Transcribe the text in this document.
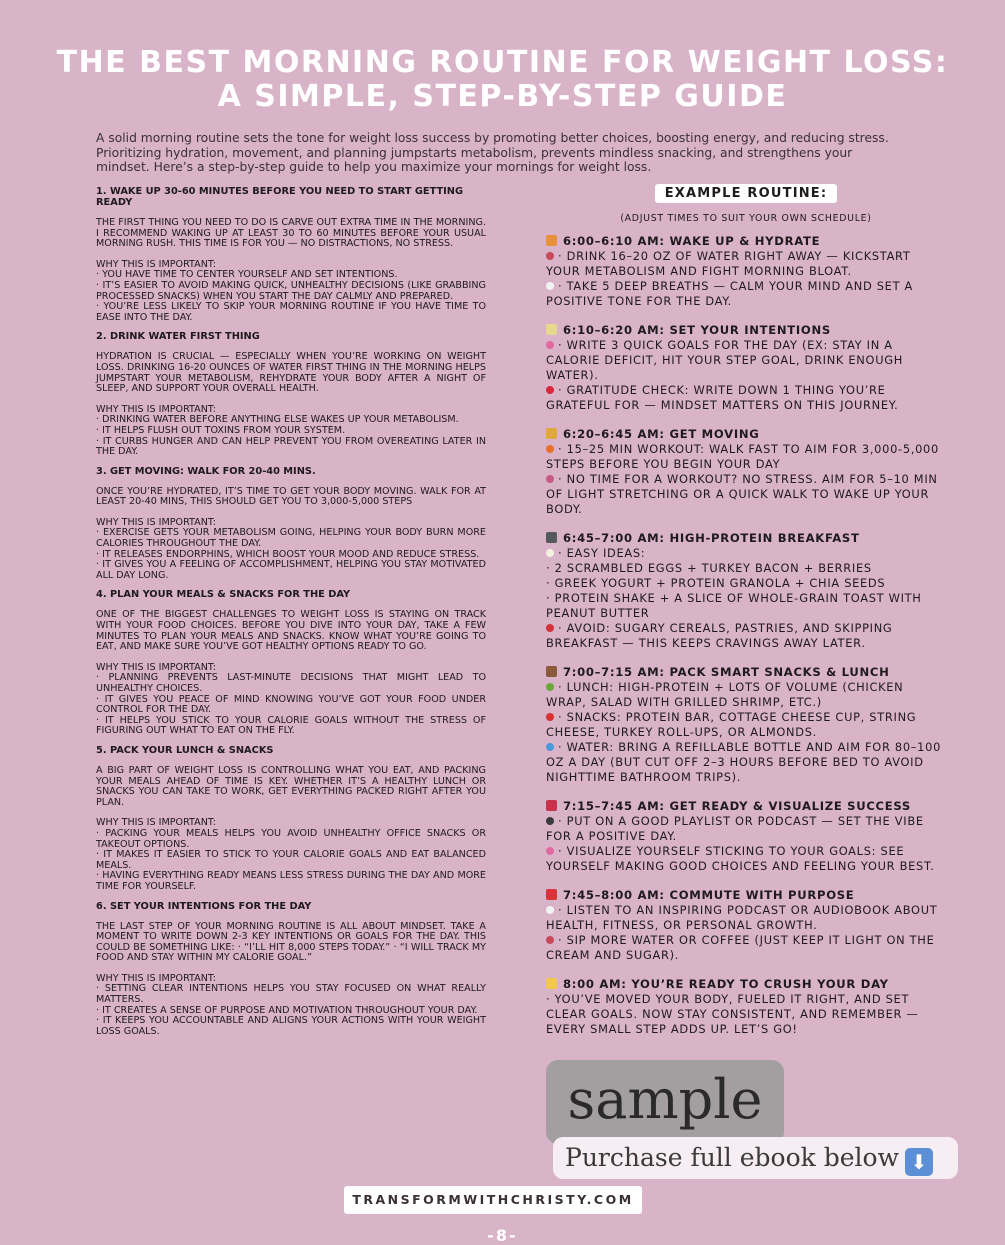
THE BEST MORNING ROUTINE FOR WEIGHT LOSS: A SIMPLE, STEP-BY-STEP GUIDE

A solid morning routine sets the tone for weight loss success by promoting better choices, boosting energy, and reducing stress. Prioritizing hydration, movement, and planning jumpstarts metabolism, prevents mindless snacking, and strengthens your mindset. Here’s a step-by-step guide to help you maximize your mornings for weight loss.

1. WAKE UP 30-60 MINUTES BEFORE YOU NEED TO START GETTING READY
THE FIRST THING YOU NEED TO DO IS CARVE OUT EXTRA TIME IN THE MORNING. I RECOMMEND WAKING UP AT LEAST 30 TO 60 MINUTES BEFORE YOUR USUAL MORNING RUSH. THIS TIME IS FOR YOU — NO DISTRACTIONS, NO STRESS.
WHY THIS IS IMPORTANT:
· YOU HAVE TIME TO CENTER YOURSELF AND SET INTENTIONS.
· IT’S EASIER TO AVOID MAKING QUICK, UNHEALTHY DECISIONS (LIKE GRABBING PROCESSED SNACKS) WHEN YOU START THE DAY CALMLY AND PREPARED.
· YOU’RE LESS LIKELY TO SKIP YOUR MORNING ROUTINE IF YOU HAVE TIME TO EASE INTO THE DAY.
2. DRINK WATER FIRST THING
HYDRATION IS CRUCIAL — ESPECIALLY WHEN YOU’RE WORKING ON WEIGHT LOSS. DRINKING 16-20 OUNCES OF WATER FIRST THING IN THE MORNING HELPS JUMPSTART YOUR METABOLISM, REHYDRATE YOUR BODY AFTER A NIGHT OF SLEEP, AND SUPPORT YOUR OVERALL HEALTH.
WHY THIS IS IMPORTANT:
· DRINKING WATER BEFORE ANYTHING ELSE WAKES UP YOUR METABOLISM.
· IT HELPS FLUSH OUT TOXINS FROM YOUR SYSTEM.
· IT CURBS HUNGER AND CAN HELP PREVENT YOU FROM OVEREATING LATER IN THE DAY.
3. GET MOVING: WALK FOR 20-40 MINS.
ONCE YOU’RE HYDRATED, IT’S TIME TO GET YOUR BODY MOVING. WALK FOR AT LEAST 20-40 MINS, THIS SHOULD GET YOU TO 3,000-5,000 STEPS
WHY THIS IS IMPORTANT:
· EXERCISE GETS YOUR METABOLISM GOING, HELPING YOUR BODY BURN MORE CALORIES THROUGHOUT THE DAY.
· IT RELEASES ENDORPHINS, WHICH BOOST YOUR MOOD AND REDUCE STRESS.
· IT GIVES YOU A FEELING OF ACCOMPLISHMENT, HELPING YOU STAY MOTIVATED ALL DAY LONG.
4. PLAN YOUR MEALS & SNACKS FOR THE DAY
ONE OF THE BIGGEST CHALLENGES TO WEIGHT LOSS IS STAYING ON TRACK WITH YOUR FOOD CHOICES. BEFORE YOU DIVE INTO YOUR DAY, TAKE A FEW MINUTES TO PLAN YOUR MEALS AND SNACKS. KNOW WHAT YOU’RE GOING TO EAT, AND MAKE SURE YOU’VE GOT HEALTHY OPTIONS READY TO GO.
WHY THIS IS IMPORTANT:
· PLANNING PREVENTS LAST-MINUTE DECISIONS THAT MIGHT LEAD TO UNHEALTHY CHOICES.
· IT GIVES YOU PEACE OF MIND KNOWING YOU’VE GOT YOUR FOOD UNDER CONTROL FOR THE DAY.
· IT HELPS YOU STICK TO YOUR CALORIE GOALS WITHOUT THE STRESS OF FIGURING OUT WHAT TO EAT ON THE FLY.
5. PACK YOUR LUNCH & SNACKS
A BIG PART OF WEIGHT LOSS IS CONTROLLING WHAT YOU EAT, AND PACKING YOUR MEALS AHEAD OF TIME IS KEY. WHETHER IT’S A HEALTHY LUNCH OR SNACKS YOU CAN TAKE TO WORK, GET EVERYTHING PACKED RIGHT AFTER YOU PLAN.
WHY THIS IS IMPORTANT:
· PACKING YOUR MEALS HELPS YOU AVOID UNHEALTHY OFFICE SNACKS OR TAKEOUT OPTIONS.
· IT MAKES IT EASIER TO STICK TO YOUR CALORIE GOALS AND EAT BALANCED MEALS.
· HAVING EVERYTHING READY MEANS LESS STRESS DURING THE DAY AND MORE TIME FOR YOURSELF.
6. SET YOUR INTENTIONS FOR THE DAY
THE LAST STEP OF YOUR MORNING ROUTINE IS ALL ABOUT MINDSET. TAKE A MOMENT TO WRITE DOWN 2-3 KEY INTENTIONS OR GOALS FOR THE DAY. THIS COULD BE SOMETHING LIKE: · “I’LL HIT 8,000 STEPS TODAY.” · “I WILL TRACK MY FOOD AND STAY WITHIN MY CALORIE GOAL.”
WHY THIS IS IMPORTANT:
· SETTING CLEAR INTENTIONS HELPS YOU STAY FOCUSED ON WHAT REALLY MATTERS.
· IT CREATES A SENSE OF PURPOSE AND MOTIVATION THROUGHOUT YOUR DAY.
· IT KEEPS YOU ACCOUNTABLE AND ALIGNS YOUR ACTIONS WITH YOUR WEIGHT LOSS GOALS.
EXAMPLE ROUTINE:
(ADJUST TIMES TO SUIT YOUR OWN SCHEDULE)
6:00–6:10 AM: WAKE UP & HYDRATE
· DRINK 16–20 OZ OF WATER RIGHT AWAY — KICKSTART YOUR METABOLISM AND FIGHT MORNING BLOAT.
· TAKE 5 DEEP BREATHS — CALM YOUR MIND AND SET A POSITIVE TONE FOR THE DAY.
6:10–6:20 AM: SET YOUR INTENTIONS
· WRITE 3 QUICK GOALS FOR THE DAY (EX: STAY IN A CALORIE DEFICIT, HIT YOUR STEP GOAL, DRINK ENOUGH WATER).
· GRATITUDE CHECK: WRITE DOWN 1 THING YOU’RE GRATEFUL FOR — MINDSET MATTERS ON THIS JOURNEY.
6:20–6:45 AM: GET MOVING
· 15–25 MIN WORKOUT: WALK FAST TO AIM FOR 3,000-5,000 STEPS BEFORE YOU BEGIN YOUR DAY
· NO TIME FOR A WORKOUT? NO STRESS. AIM FOR 5–10 MIN OF LIGHT STRETCHING OR A QUICK WALK TO WAKE UP YOUR BODY.
6:45–7:00 AM: HIGH-PROTEIN BREAKFAST
· EASY IDEAS:
· 2 SCRAMBLED EGGS + TURKEY BACON + BERRIES
· GREEK YOGURT + PROTEIN GRANOLA + CHIA SEEDS
· PROTEIN SHAKE + A SLICE OF WHOLE-GRAIN TOAST WITH PEANUT BUTTER
· AVOID: SUGARY CEREALS, PASTRIES, AND SKIPPING BREAKFAST — THIS KEEPS CRAVINGS AWAY LATER.
7:00–7:15 AM: PACK SMART SNACKS & LUNCH
· LUNCH: HIGH-PROTEIN + LOTS OF VOLUME (CHICKEN WRAP, SALAD WITH GRILLED SHRIMP, ETC.)
· SNACKS: PROTEIN BAR, COTTAGE CHEESE CUP, STRING CHEESE, TURKEY ROLL-UPS, OR ALMONDS.
· WATER: BRING A REFILLABLE BOTTLE AND AIM FOR 80–100 OZ A DAY (BUT CUT OFF 2–3 HOURS BEFORE BED TO AVOID NIGHTTIME BATHROOM TRIPS).
7:15–7:45 AM: GET READY & VISUALIZE SUCCESS
· PUT ON A GOOD PLAYLIST OR PODCAST — SET THE VIBE FOR A POSITIVE DAY.
· VISUALIZE YOURSELF STICKING TO YOUR GOALS: SEE YOURSELF MAKING GOOD CHOICES AND FEELING YOUR BEST.
7:45–8:00 AM: COMMUTE WITH PURPOSE
· LISTEN TO AN INSPIRING PODCAST OR AUDIOBOOK ABOUT HEALTH, FITNESS, OR PERSONAL GROWTH.
· SIP MORE WATER OR COFFEE (JUST KEEP IT LIGHT ON THE CREAM AND SUGAR).
8:00 AM: YOU’RE READY TO CRUSH YOUR DAY
· YOU’VE MOVED YOUR BODY, FUELED IT RIGHT, AND SET CLEAR GOALS. NOW STAY CONSISTENT, AND REMEMBER — EVERY SMALL STEP ADDS UP. LET’S GO!
sample
Purchase full ebook below ⬇
TRANSFORMWITHCHRISTY.COM
-8-
